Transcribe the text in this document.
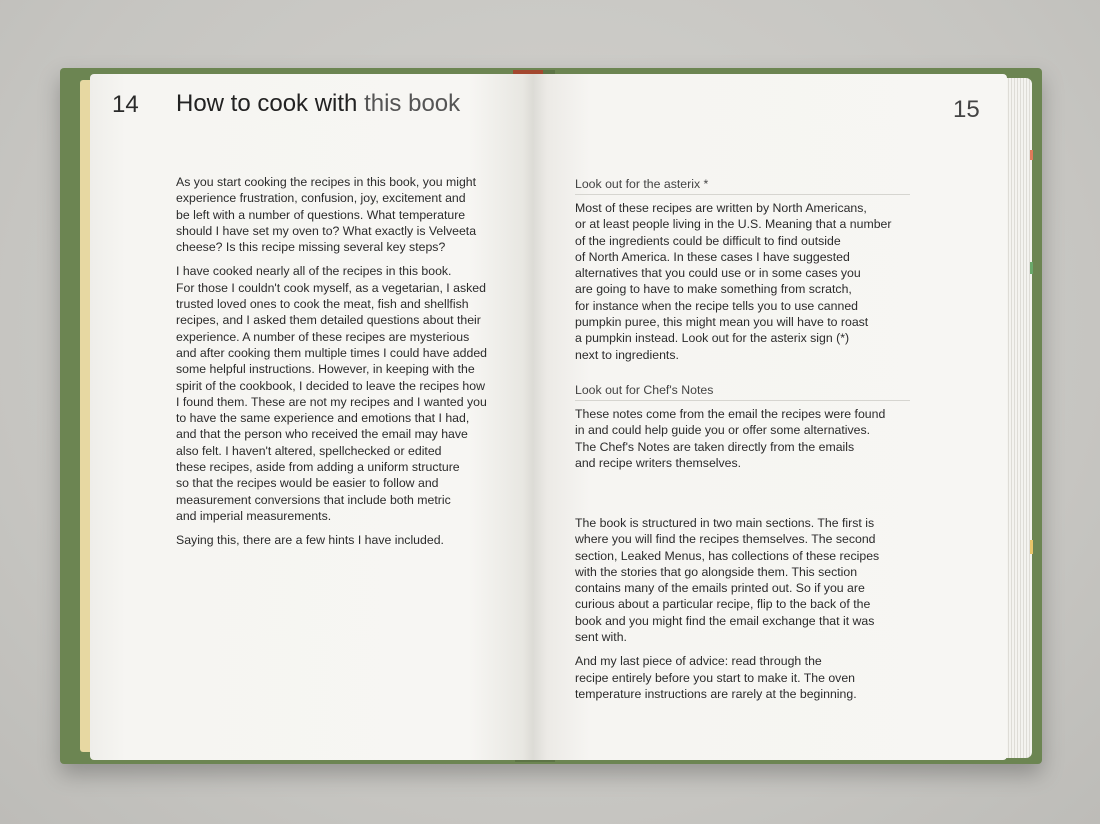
14 How to cook with this book

As you start cooking the recipes in this book, you might
experience frustration, confusion, joy, excitement and
be left with a number of questions. What temperature
should I have set my oven to? What exactly is Velveeta
cheese? Is this recipe missing several key steps?

I have cooked nearly all of the recipes in this book.
For those I couldn't cook myself, as a vegetarian, I asked
trusted loved ones to cook the meat, fish and shellfish
recipes, and I asked them detailed questions about their
experience. A number of these recipes are mysterious
and after cooking them multiple times I could have added
some helpful instructions. However, in keeping with the
spirit of the cookbook, I decided to leave the recipes how
I found them. These are not my recipes and I wanted you
to have the same experience and emotions that I had,
and that the person who received the email may have
also felt. I haven't altered, spellchecked or edited
these recipes, aside from adding a uniform structure
so that the recipes would be easier to follow and
measurement conversions that include both metric
and imperial measurements.

Saying this, there are a few hints I have included.

15
Look out for the asterix *

Most of these recipes are written by North Americans,
or at least people living in the U.S. Meaning that a number
of the ingredients could be difficult to find outside
of North America. In these cases I have suggested
alternatives that you could use or in some cases you
are going to have to make something from scratch,
for instance when the recipe tells you to use canned
pumpkin puree, this might mean you will have to roast
a pumpkin instead. Look out for the asterix sign (*)
next to ingredients.

Look out for Chef's Notes

These notes come from the email the recipes were found
in and could help guide you or offer some alternatives.
The Chef's Notes are taken directly from the emails
and recipe writers themselves.

The book is structured in two main sections. The first is
where you will find the recipes themselves. The second
section, Leaked Menus, has collections of these recipes
with the stories that go alongside them. This section
contains many of the emails printed out. So if you are
curious about a particular recipe, flip to the back of the
book and you might find the email exchange that it was
sent with.

And my last piece of advice: read through the
recipe entirely before you start to make it. The oven
temperature instructions are rarely at the beginning.
